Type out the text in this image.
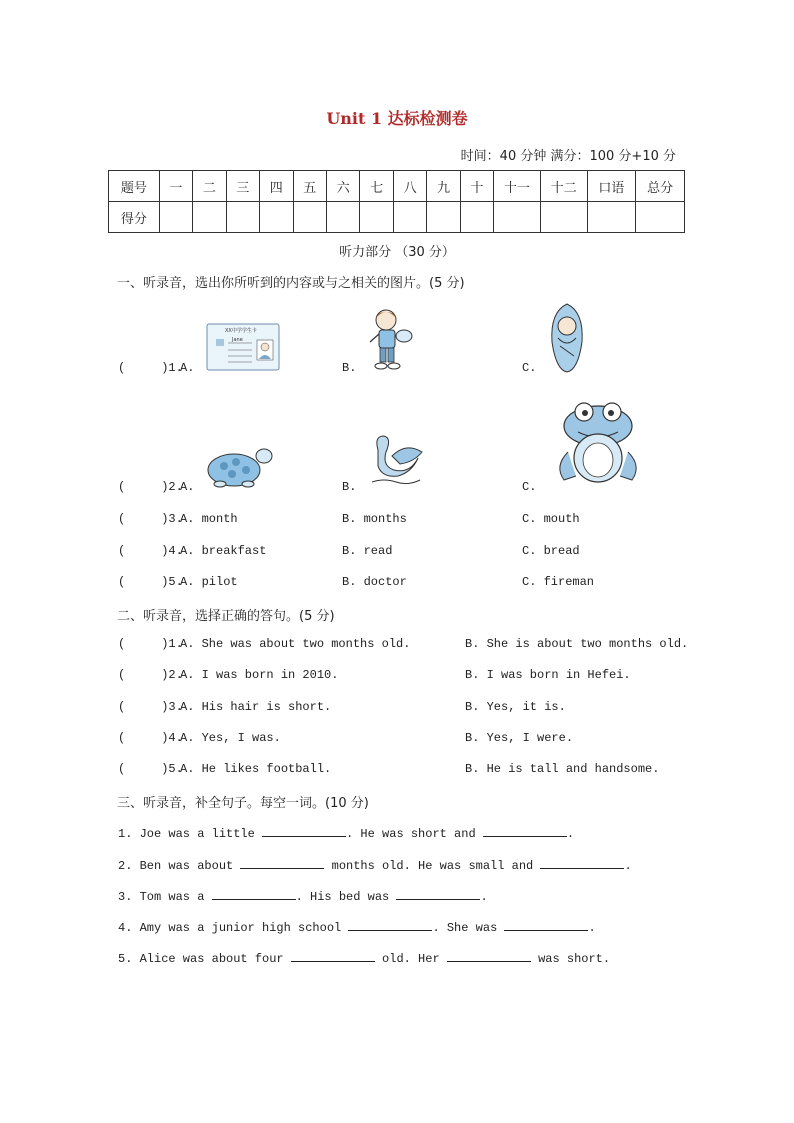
Unit 1 达标检测卷
时间：40 分钟 满分：100 分+10 分
题号	一	二	三	四	五	六	七	八	九	十	十一	十二	口语	总分
得分														
听力部分 （30 分）
一、听录音，选出你所听到的内容或与之相关的图片。(5 分)
(	)1.
A.
XX中学学生卡
Jane
B.	C.
(	)2.
A.	B.	C.
(	)3.
A. month	B. months	C. mouth
(	)4.
A. breakfast	B. read	C. bread
(	)5.
A. pilot	B. doctor	C. fireman
二、听录音，选择正确的答句。(5 分)
(	)1.
A. She was about two months old.	B. She is about two months old.
(	)2.
A. I was born in 2010.	B. I was born in Hefei.
(	)3.
A. His hair is short.	B. Yes, it is.
(	)4.
A. Yes, I was.	B. Yes, I were.
(	)5.
A. He likes football.	B. He is tall and handsome.
三、听录音，补全句子。每空一词。(10 分)
1. Joe was a little	. He was short and	.
2. Ben was about	months old. He was small and	.
3. Tom was a	. His bed was	.
4. Amy was a junior high school	. She was	.
5. Alice was about four	old. Her	was short.
